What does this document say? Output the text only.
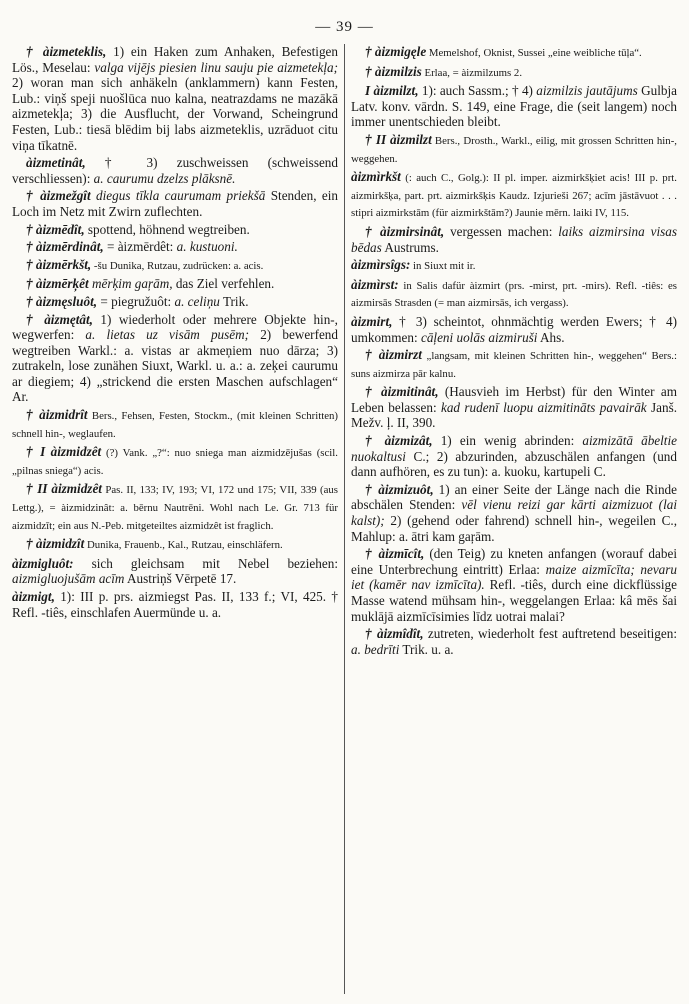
— 39 —

† àizmeteklis, 1) ein Haken zum Anhaken, Befestigen Lös., Meselau: valga vijējs piesien linu sauju pie aizmetekļa; 2) woran man sich anhäkeln (anklammern) kann Festen, Lub.: viņš speji nuošlūca nuo kalna, neatrazdams ne mazākā aizmetekļa; 3) die Ausflucht, der Vorwand, Scheingrund Festen, Lub.: tiesā blēdim bij labs aizmeteklis, uzrāduot citu viņa tīkatnē.

àizmetinât, † 3) zuschweissen (schweissend verschliessen): a. caurumu dzelzs plāksnē.

† àizmežgît diegus tīkla caurumam priekšā Stenden, ein Loch im Netz mit Zwirn zuflechten.

† àizmēdît, spottend, höhnend wegtreiben.

† àizmērdinât, = àizmērdêt: a. kustuoni.

† àizmērkšt, -šu Dunika, Rutzau, zudrücken: a. acis.

† àizmērķêt mērķim gaŗām, das Ziel verfehlen.

† àizmęsluôt, = piegružuôt: a. celiņu Trik.

† àizmętât, 1) wiederholt oder mehrere Objekte hin-, wegwerfen: a. lietas uz visām pusēm; 2) bewerfend wegtreiben Warkl.: a. vistas ar akmeņiem nuo dārza; 3) zutrakeln, lose zunähen Siuxt, Warkl. u. a.: a. zeķei caurumu ar diegiem; 4) „strickend die ersten Maschen aufschlagen“ Ar.

† àizmidrît Bers., Fehsen, Festen, Stockm., (mit kleinen Schritten) schnell hin-, weglaufen.

† I àizmidzêt (?) Vank. „?“: nuo sniega man aizmidzējušas (scil. „pilnas sniega“) acis.

† II àizmidzêt Pas. II, 133; IV, 193; VI, 172 und 175; VII, 339 (aus Lettg.), = àizmidzinât: a. bērnu Nautrēni. Wohl nach Le. Gr. 713 für aizmidzīt; ein aus N.-Peb. mitgeteiltes aizmidzêt ist fraglich.

† àizmidzît Dunika, Frauenb., Kal., Rutzau, einschläfern.

àizmigluôt: sich gleichsam mit Nebel beziehen: aizmigluojušām acīm Austriņš Vērpetē 17.

àizmigt, 1): III p. prs. aizmiegst Pas. II, 133 f.; VI, 425. † Refl. -tiês, einschlafen Auermünde u. a.

† àizmigęle Memelshof, Oknist, Sussei „eine weibliche tūļa“.

† àizmilzis Erlaa, = àizmilzums 2.

I àizmilzt, 1): auch Sassm.; † 4) aizmilzis jautājums Gulbja Latv. konv. vārdn. S. 149, eine Frage, die (seit langem) noch immer unentschieden bleibt.

† II àizmilzt Bers., Drosth., Warkl., eilig, mit grossen Schritten hin-, weggehen.

àizmìrkšt (: auch C., Golg.): II pl. imper. aizmirkšķiet acis! III p. prt. aizmirkšķa, part. prt. aizmirkšķis Kaudz. Izjurieši 267; acīm jāstāvuot . . . stipri aizmirkstām (für aizmirkštām?) Jaunie mērn. laiki IV, 115.

† àizmirsinât, vergessen machen: laiks aizmirsina visas bēdas Austrums.

àizmìrsîgs: in Siuxt mit ir.

àizmìrst: in Salis dafür àizmirt (prs. -mirst, prt. -mirs). Refl. -tiês: es aizmirsās Strasden (= man aizmirsās, ich vergass).

àizmirt, † 3) scheintot, ohnmächtig werden Ewers; † 4) umkommen: cāļeni uolās aizmiruši Ahs.

† àizmirzt „langsam, mit kleinen Schritten hin-, weggehen“ Bers.: suns aizmirza pār kalnu.

† àizmitinât, (Hausvieh im Herbst) für den Winter am Leben belassen: kad rudenī luopu aizmitināts pavairāk Janš. Mežv. ļ. II, 390.

† àizmizât, 1) ein wenig abrinden: aizmizātā ābeltie nuokaltusi C.; 2) abzurinden, abzuschälen anfangen (und dann aufhören, es zu tun): a. kuoku, kartupeli C.

† àizmizuôt, 1) an einer Seite der Länge nach die Rinde abschälen Stenden: vēl vienu reizi gar kārti aizmizuot (lai kalst); 2) (gehend oder fahrend) schnell hin-, wegeilen C., Mahlup: a. ātri kam gaŗām.

† àizmīcît, (den Teig) zu kneten anfangen (worauf dabei eine Unterbrechung eintritt) Erlaa: maize aizmīcīta; nevaru iet (kamēr nav izmīcīta). Refl. -tiês, durch eine dickflüssige Masse watend mühsam hin-, weggelangen Erlaa: kâ mēs šai muklājā aizmīcīsimies līdz uotrai malai?

† àizmîdît, zutreten, wiederholt fest auftretend beseitigen: a. bedrīti Trik. u. a.
